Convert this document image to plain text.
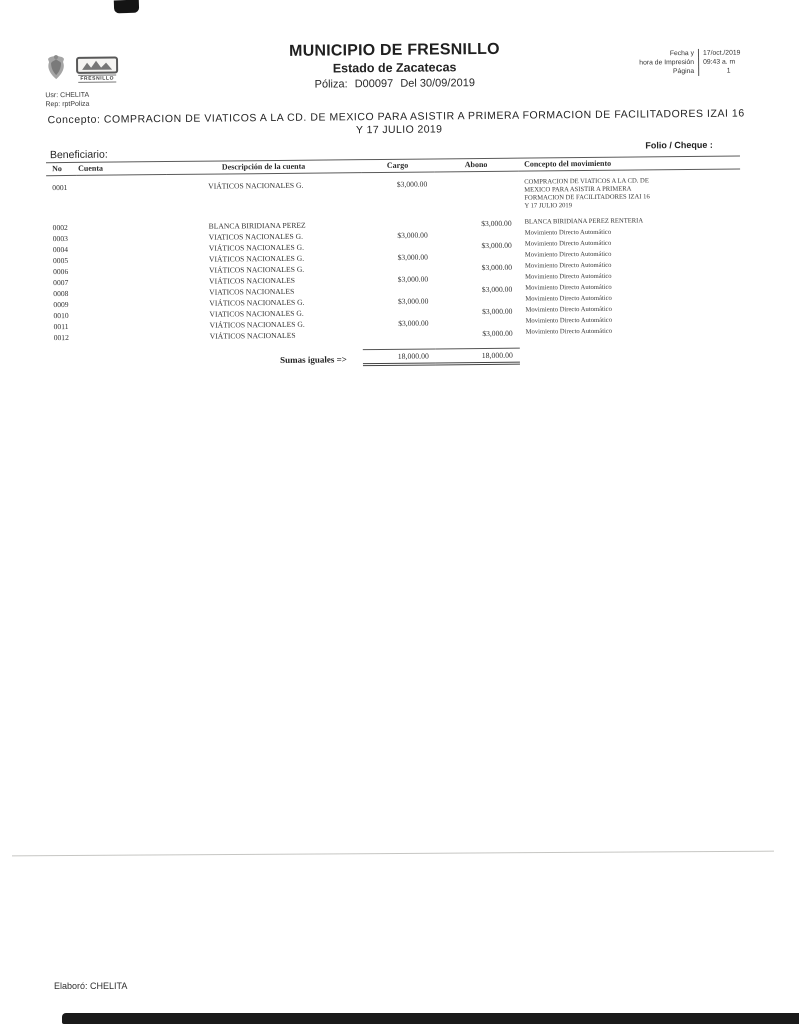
FRESNILLO
Usr: CHELITA
Rep: rptPoliza
MUNICIPIO DE FRESNILLO
Estado de Zacatecas
Póliza: D00097 Del 30/09/2019
Fecha y	17/oct./2019
hora de Impresión	09:43 a. m
Página	1
Concepto: COMPRACION DE VIATICOS A LA CD. DE MEXICO PARA ASISTIR A PRIMERA FORMACION DE FACILITADORES IZAI 16
Y 17 JULIO 2019
Beneficiario:
Folio / Cheque :
No	Cuenta	Descripción de la cuenta	Cargo	Abono	Concepto del movimiento
0001		VIÁTICOS NACIONALES G.	$3,000.00		COMPRACION DE VIATICOS A LA CD. DE MEXICO PARA ASISTIR A PRIMERA FORMACION DE FACILITADORES IZAI 16 Y 17 JULIO 2019
0002		BLANCA BIRIDIANA PEREZ		$3,000.00	BLANCA BIRIDIANA PEREZ RENTERIA
0003		VIATICOS NACIONALES G.	$3,000.00		Movimiento Directo Automático
0004		VIÁTICOS NACIONALES G.		$3,000.00	Movimiento Directo Automático
0005		VIÁTICOS NACIONALES G.	$3,000.00		Movimiento Directo Automático
0006		VIÁTICOS NACIONALES G.		$3,000.00	Movimiento Directo Automático
0007		VIÁTICOS NACIONALES	$3,000.00		Movimiento Directo Automático
0008		VIATICOS NACIONALES		$3,000.00	Movimiento Directo Automático
0009		VIÁTICOS NACIONALES G.	$3,000.00		Movimiento Directo Automático
0010		VIATICOS NACIONALES G.		$3,000.00	Movimiento Directo Automático
0011		VIÁTICOS NACIONALES G.	$3,000.00		Movimiento Directo Automático
0012		VIÁTICOS NACIONALES		$3,000.00	Movimiento Directo Automático

Sumas iguales =>			18,000.00	18,000.00	
Elaboró: CHELITA
